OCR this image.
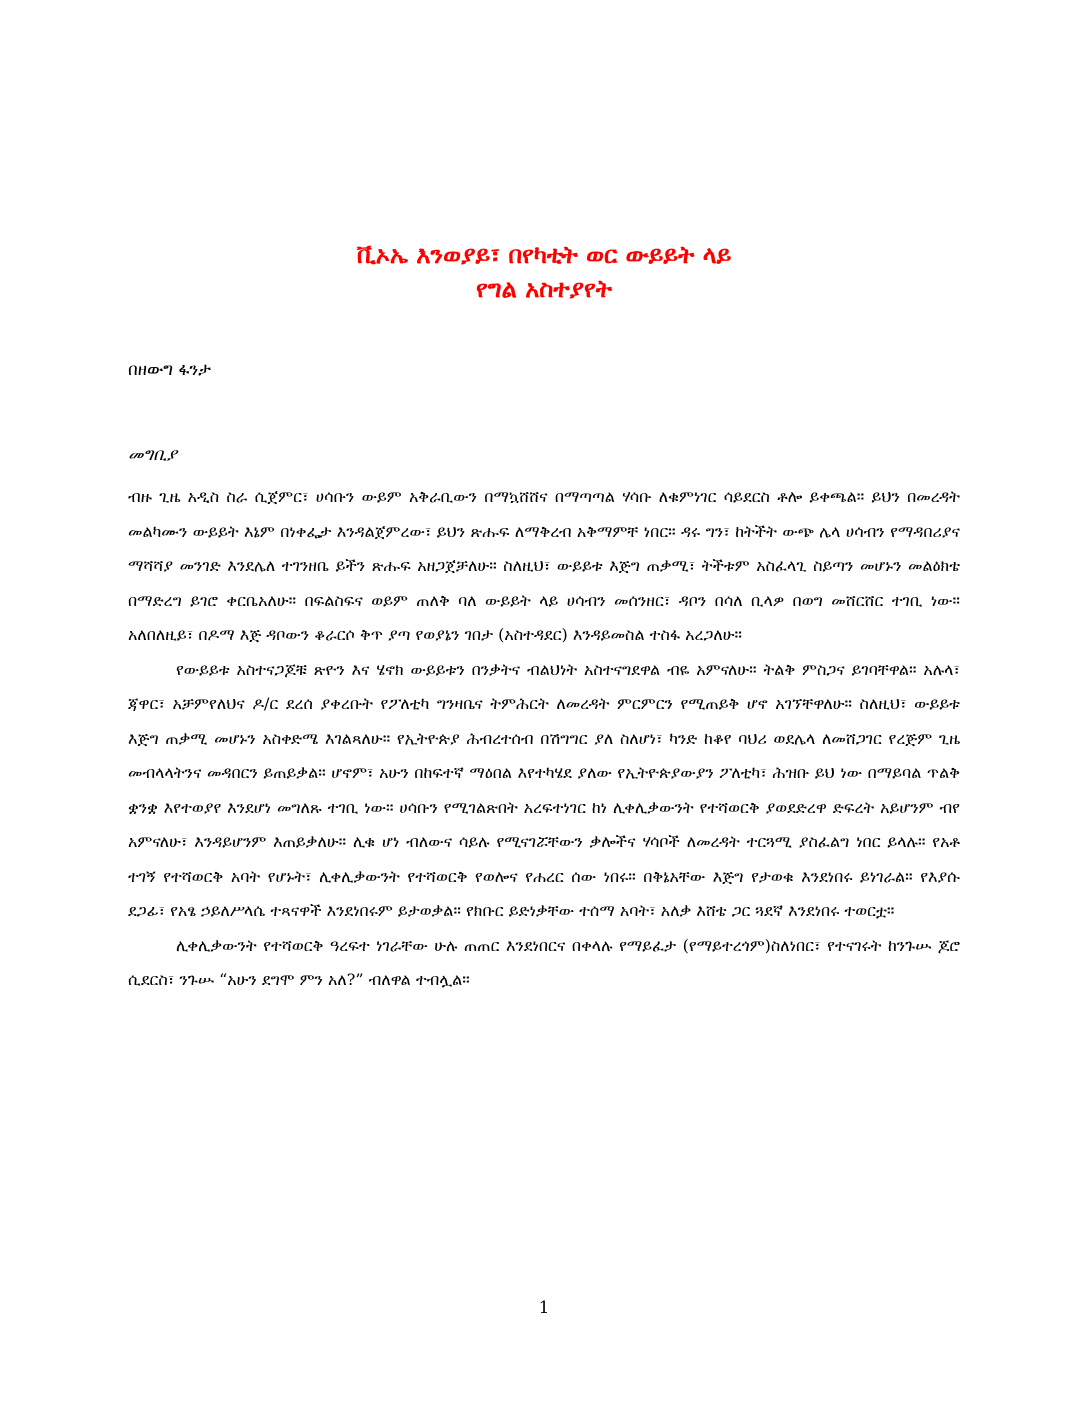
ቪኦኤ እንወያይ፣ በየካቲት ወር ውይይት ላይ
የግል አስተያየት
በዘውግ ፋንታ
መግቢያ

ብዙ ጊዜ አዲስ ስራ ሲጀምር፣ ሀሳቡን ውይም አቅራቢውን በማኳሸሸና በማጣጣል ሃሳቡ ለቁምነገር ሳይደርስ ቶሎ ይቀጫል። ይህን በመረዳት መልካሙን ውይይት እኔም በነቀፌታ እንዳልጀምረው፣ ይህን ጽሑፍ ለማቅረብ አቅማምቸ ነበር። ዳሩ ግን፣ ከትችት ውጭ ሌላ ሀሳብን የማዳበሪያና ማሻሻያ መንገድ እንደሌለ ተገንዘቤ ይችን ጽሑፍ አዘጋጀቻለሁ። ስለዚህ፣ ውይይቱ እጅግ ጠቃሚ፣ ትችቱም አስፈላጊ ስይጣን መሆኑን መልዕክቴ በማድረግ ይገሮ ቀርቤአለሁ። በፍልስፍና ወይም ጠለቅ ባለ ውይይት ላይ ሀሳብን መሰንዘር፣ ዳቦን በሳለ ቢላዎ በወግ መሸርሸር ተገቢ ነው። አለበለዚይ፣ በዶማ እጅ ዳቦውን ቆራርሶ ቅጥ ያጣ የወያኔን ገበታ (አስተዳደር) እንዳይመስል ተስፋ አረጋለሁ።

የውይይቱ አስተናጋጆቹ ጽዮን እና ሄኖክ ውይይቱን በንቃትና ብልህነት አስተናግደዋል ብዬ አምናለሁ። ትልቅ ምስጋና ይገባቸዋል። አሉላ፣ ጃዋር፣ አቻምየለህና ዶ/ር ደረሰ ያቀረቡት የፖለቲካ ግንዛቤና ትምሕርት ለመረዳት ምርምርን የሚጠይቅ ሆኖ አገኘቸዋለሁ። ስለዚህ፣ ውይይቱ እጅግ ጠቃሚ መሆኑን አስቀድሜ እገልጻለሁ። የኢትዮጵያ ሕብረተሰብ በሽግግር ያለ ስለሆነ፣ ካንድ ከቆየ ባህሪ ወደሌላ ለመሸጋገር የረጅም ጊዜ መብላላትንና መዳበርን ይጠይቃል። ሆኖም፣ አሁን በከፍተኛ ማዕበል እየተካሄደ ያለው የኢትዮጵያውያን ፖለቲካ፣ ሕዝቡ ይህ ነው በማይባል ጥልቅ ቋንቋ እየተወያየ እንደሆነ መግለጹ ተገቢ ነው። ሀሳቡን የሚገልጽበት አረፍተነገር ከነ ሊቀሊቃውንት የተሻወርቅ ያወደድረዋ ድፍረት አይሆንም ብየ አምናለሁ፣ እንዳይሆንም እጠይቃለሁ። ሊቁ ሆነ ብለውና ሳይሉ የሚናገሯቸውን ቃሎችና ሃሳቦች ለመረዳት ተርጓሚ ያስፈልግ ነበር ይላሉ። የአቶ ተገኝ የተሻወርቅ አባት የሆኑት፣ ሊቀሊቃውንት የተሻወርቅ የወሎና የሐረር ሰው ነበሩ። በቅኔአቸው እጅግ የታወቁ እንደነበሩ ይነገራል። የእያሱ ደጋፊ፣ የአፄ ኃይለሥላሴ ተጻናዋች እንደነበሩም ይታወቃል። የክቡር ይድነቃቸው ተሰማ አባት፣ አለቃ እሸቴ ጋር ጓደኛ እንደነበሩ ተወርቷ።

ሊቀሊቃውንት የተሻወርቅ ዓረፍተ ነገራቸው ሁሉ ጠጠር እንደነበርና በቀላሉ የማይፈታ (የማይተረጎም)ስለነበር፣ የተናገሩት ከንጉሡ ጆሮ ሲደርስ፣ ንጉሡ “አሁን ደግሞ ምን አለ?” ብለዋል ተብሏል።

1
